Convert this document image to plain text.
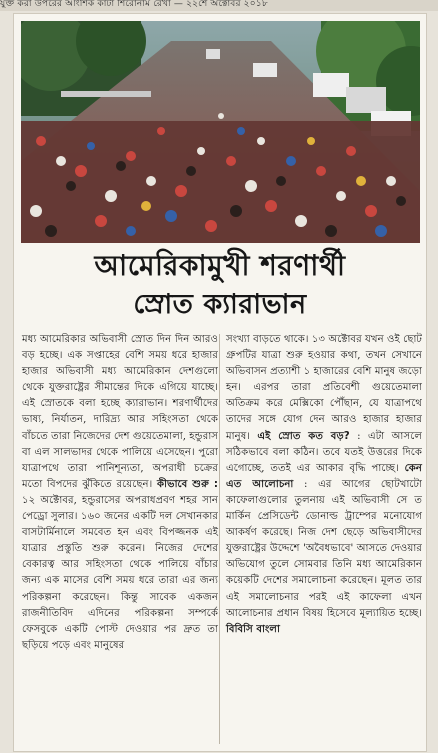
যুক্ত করা উপরের আংশিক কাটা শিরোনাম রেখা — ২২শে অক্টোবর ২০১৮
আমেরিকামুখী শরণার্থী
স্রোত ক্যারাভান

মধ্য আমেরিকার অভিবাসী স্রোত দিন দিন আরও বড় হচ্ছে। এক সপ্তাহের বেশি সময় ধরে হাজার হাজার অভিবাসী মধ্য আমেরিকান দেশগুলো থেকে যুক্তরাষ্ট্রের সীমান্তের দিকে এগিয়ে যাচ্ছে। এই স্রোতকে বলা হচ্ছে ক্যারাভান। শরণার্থীদের ভাষ্য, নির্যাতন, দারিদ্র্য আর সহিংসতা থেকে বাঁচতে তারা নিজেদের দেশ গুয়েতেমালা, হন্ডুরাস বা এল সালভাদর থেকে পালিয়ে এসেছেন। পুরো যাত্রাপথে তারা পানিশূন্যতা, অপরাধী চক্রের মতো বিপদের ঝুঁকিতে রয়েছেন। কীভাবে শুরু : ১২ অক্টোবর, হন্ডুরাসের অপরাধপ্রবণ শহর সান পেড্রো সুলার। ১৬০ জনের একটি দল সেখানকার বাসটার্মিনালে সমবেত হন এবং বিপজ্জনক এই যাত্রার প্রস্তুতি শুরু করেন। নিজের দেশের বেকারত্ব আর সহিংসতা থেকে পালিয়ে বাঁচার জন্য এক মাসের বেশি সময় ধরে তারা এর জন্য পরিকল্পনা করেছেন। কিন্তু সাবেক একজন রাজনীতিবিদ এদিনের পরিকল্পনা সম্পর্কে ফেসবুকে একটি পোস্ট দেওয়ার পর দ্রুত তা ছড়িয়ে পড়ে এবং মানুষের

সংখ্যা বাড়তে থাকে। ১৩ অক্টোবর যখন ওই ছোট গ্রুপটির যাত্রা শুরু হওয়ার কথা, তখন সেখানে অভিবাসন প্রত্যাশী ১ হাজারের বেশি মানুষ জড়ো হন। এরপর তারা প্রতিবেশী গুয়েতেমালা অতিক্রম করে মেক্সিকো পৌঁছান, যে যাত্রাপথে তাদের সঙ্গে যোগ দেন আরও হাজার হাজার মানুষ। এই স্রোত কত বড়? : এটা আসলে সঠিকভাবে বলা কঠিন। তবে যতই উত্তরের দিকে এগোচ্ছে, ততই এর আকার বৃদ্ধি পাচ্ছে। কেন এত আলোচনা : এর আগের ছোটখাটো কাফেলাগুলোর তুলনায় এই অভিবাসী সে ত মার্কিন প্রেসিডেন্ট ডোনাল্ড ট্রাম্পের মনোযোগ আকর্ষণ করেছে। নিজ দেশ ছেড়ে অভিবাসীদের যুক্তরাষ্ট্রের উদ্দেশে 'অবৈধভাবে' আসতে দেওয়ার অভিযোগ তুলে সোমবার তিনি মধ্য আমেরিকান কয়েকটি দেশের সমালোচনা করেছেন। মূলত তার এই সমালোচনার পরই এই কাফেলা এখন আলোচনার প্রধান বিষয় হিসেবে মূল্যায়িত হচ্ছে। বিবিসি বাংলা
